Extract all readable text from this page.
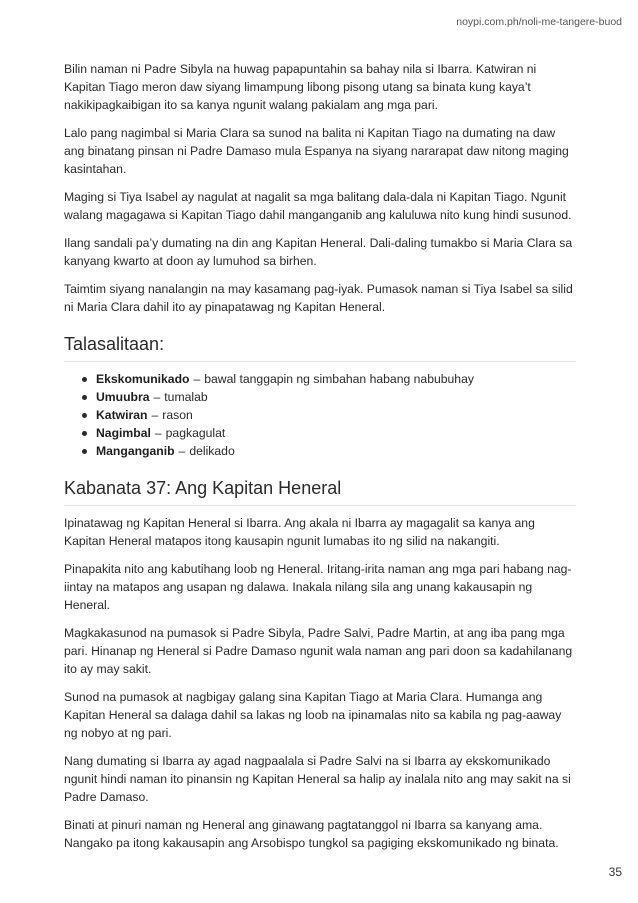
noypi.com.ph/noli-me-tangere-buod

Bilin naman ni Padre Sibyla na huwag papapuntahin sa bahay nila si Ibarra. Katwiran ni Kapitan Tiago meron daw siyang limampung libong pisong utang sa binata kung kaya’t nakikipagkaibigan ito sa kanya ngunit walang pakialam ang mga pari.

Lalo pang nagimbal si Maria Clara sa sunod na balita ni Kapitan Tiago na dumating na daw ang binatang pinsan ni Padre Damaso mula Espanya na siyang nararapat daw nitong maging kasintahan.

Maging si Tiya Isabel ay nagulat at nagalit sa mga balitang dala-dala ni Kapitan Tiago. Ngunit walang magagawa si Kapitan Tiago dahil manganganib ang kaluluwa nito kung hindi susunod.

Ilang sandali pa’y dumating na din ang Kapitan Heneral. Dali-daling tumakbo si Maria Clara sa kanyang kwarto at doon ay lumuhod sa birhen.

Taimtim siyang nanalangin na may kasamang pag-iyak. Pumasok naman si Tiya Isabel sa silid ni Maria Clara dahil ito ay pinapatawag ng Kapitan Heneral.

Talasalitaan:
Ekskomunikado – bawal tanggapin ng simbahan habang nabubuhay
Umuubra – tumalab
Katwiran – rason
Nagimbal – pagkagulat
Manganganib – delikado
Kabanata 37: Ang Kapitan Heneral

Ipinatawag ng Kapitan Heneral si Ibarra. Ang akala ni Ibarra ay magagalit sa kanya ang Kapitan Heneral matapos itong kausapin ngunit lumabas ito ng silid na nakangiti.

Pinapakita nito ang kabutihang loob ng Heneral. Iritang-irita naman ang mga pari habang nag-iintay na matapos ang usapan ng dalawa. Inakala nilang sila ang unang kakausapin ng Heneral.

Magkakasunod na pumasok si Padre Sibyla, Padre Salvi, Padre Martin, at ang iba pang mga pari. Hinanap ng Heneral si Padre Damaso ngunit wala naman ang pari doon sa kadahilanang ito ay may sakit.

Sunod na pumasok at nagbigay galang sina Kapitan Tiago at Maria Clara. Humanga ang Kapitan Heneral sa dalaga dahil sa lakas ng loob na ipinamalas nito sa kabila ng pag-aaway ng nobyo at ng pari.

Nang dumating si Ibarra ay agad nagpaalala si Padre Salvi na si Ibarra ay ekskomunikado ngunit hindi naman ito pinansin ng Kapitan Heneral sa halip ay inalala nito ang may sakit na si Padre Damaso.

Binati at pinuri naman ng Heneral ang ginawang pagtatanggol ni Ibarra sa kanyang ama. Nangako pa itong kakausapin ang Arsobispo tungkol sa pagiging ekskomunikado ng binata.

35
